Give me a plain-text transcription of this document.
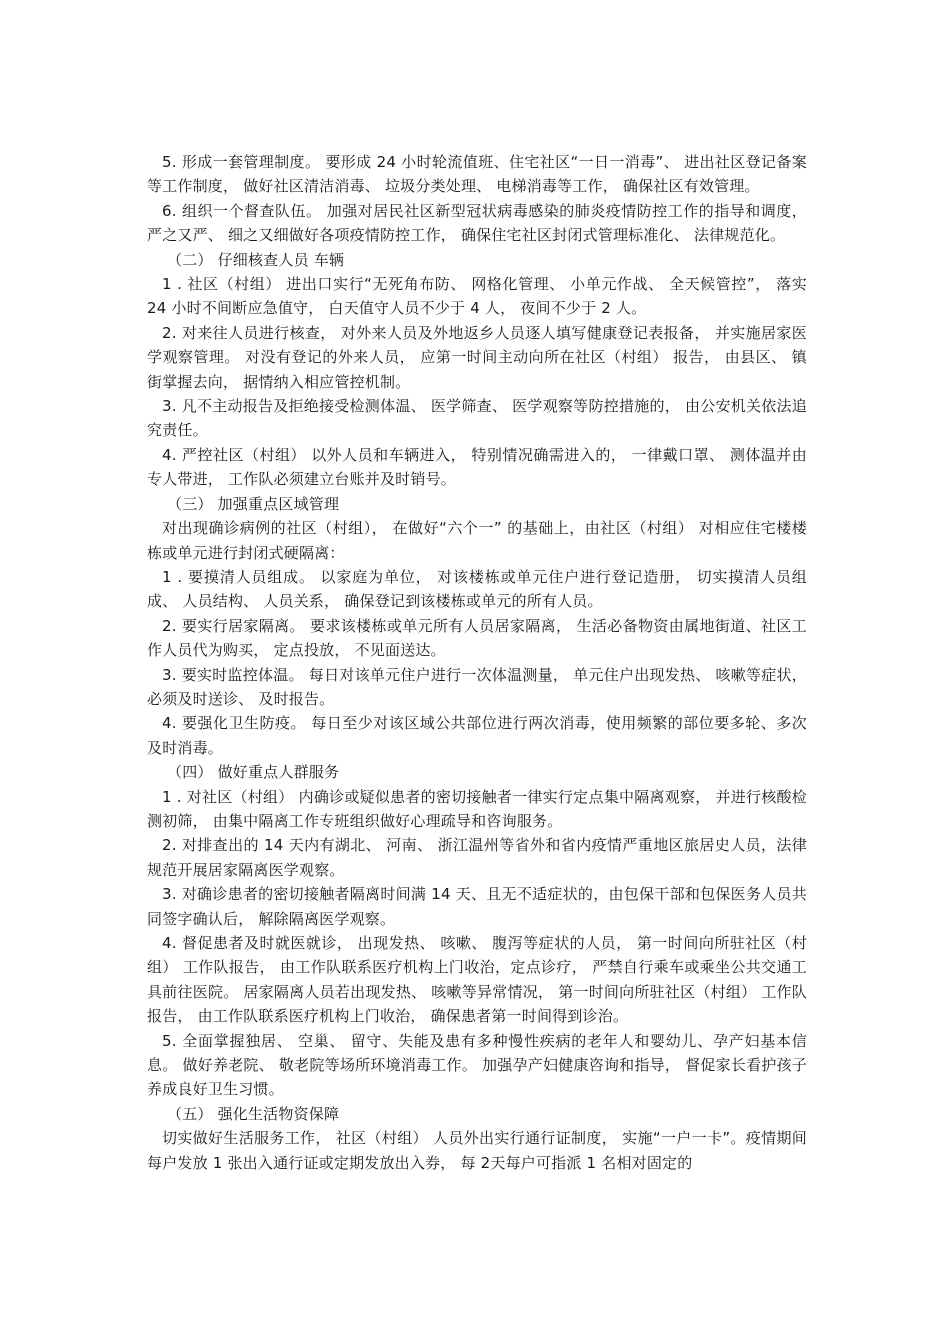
5. 形成一套管理制度。 要形成 24 小时轮流值班、住宅社区“一日一消毒”、 进出社区登记备案等工作制度， 做好社区清洁消毒、 垃圾分类处理、 电梯消毒等工作， 确保社区有效管理。

6. 组织一个督查队伍。 加强对居民社区新型冠状病毒感染的肺炎疫情防控工作的指导和调度， 严之又严、 细之又细做好各项疫情防控工作， 确保住宅社区封闭式管理标准化、 法律规范化。

（二） 仔细核查人员 车辆

1 . 社区（村组） 进出口实行“无死角布防、 网格化管理、 小单元作战、 全天候管控”， 落实 24 小时不间断应急值守， 白天值守人员不少于 4 人， 夜间不少于 2 人。

2. 对来往人员进行核查， 对外来人员及外地返乡人员逐人填写健康登记表报备， 并实施居家医学观察管理。 对没有登记的外来人员， 应第一时间主动向所在社区（村组） 报告， 由县区、 镇街掌握去向， 据情纳入相应管控机制。

3. 凡不主动报告及拒绝接受检测体温、 医学筛查、 医学观察等防控措施的， 由公安机关依法追究责任。

4. 严控社区（村组） 以外人员和车辆进入， 特别情况确需进入的， 一律戴口罩、 测体温并由专人带进， 工作队必须建立台账并及时销号。

（三） 加强重点区域管理

对出现确诊病例的社区（村组）， 在做好“六个一” 的基础上，由社区（村组） 对相应住宅楼楼栋或单元进行封闭式硬隔离：

1 . 要摸清人员组成。 以家庭为单位， 对该楼栋或单元住户进行登记造册， 切实摸清人员组成、 人员结构、 人员关系， 确保登记到该楼栋或单元的所有人员。

2. 要实行居家隔离。 要求该楼栋或单元所有人员居家隔离， 生活必备物资由属地街道、社区工作人员代为购买， 定点投放， 不见面送达。

3. 要实时监控体温。 每日对该单元住户进行一次体温测量， 单元住户出现发热、 咳嗽等症状， 必须及时送诊、 及时报告。

4. 要强化卫生防疫。 每日至少对该区域公共部位进行两次消毒，使用频繁的部位要多轮、多次及时消毒。

（四） 做好重点人群服务

1 . 对社区（村组） 内确诊或疑似患者的密切接触者一律实行定点集中隔离观察， 并进行核酸检测初筛， 由集中隔离工作专班组织做好心理疏导和咨询服务。

2. 对排查出的 14 天内有湖北、 河南、 浙江温州等省外和省内疫情严重地区旅居史人员，法律规范开展居家隔离医学观察。

3. 对确诊患者的密切接触者隔离时间满 14 天、且无不适症状的，由包保干部和包保医务人员共同签字确认后， 解除隔离医学观察。

4. 督促患者及时就医就诊， 出现发热、 咳嗽、 腹泻等症状的人员， 第一时间向所驻社区（村组） 工作队报告， 由工作队联系医疗机构上门收治，定点诊疗， 严禁自行乘车或乘坐公共交通工具前往医院。 居家隔离人员若出现发热、 咳嗽等异常情况， 第一时间向所驻社区（村组） 工作队报告， 由工作队联系医疗机构上门收治， 确保患者第一时间得到诊治。

5. 全面掌握独居、 空巢、 留守、失能及患有多种慢性疾病的老年人和婴幼儿、孕产妇基本信息。 做好养老院、 敬老院等场所环境消毒工作。 加强孕产妇健康咨询和指导， 督促家长看护孩子养成良好卫生习惯。

（五） 强化生活物资保障

切实做好生活服务工作， 社区（村组） 人员外出实行通行证制度， 实施“一户一卡”。疫情期间每户发放 1 张出入通行证或定期发放出入券， 每 2天每户可指派 1 名相对固定的
